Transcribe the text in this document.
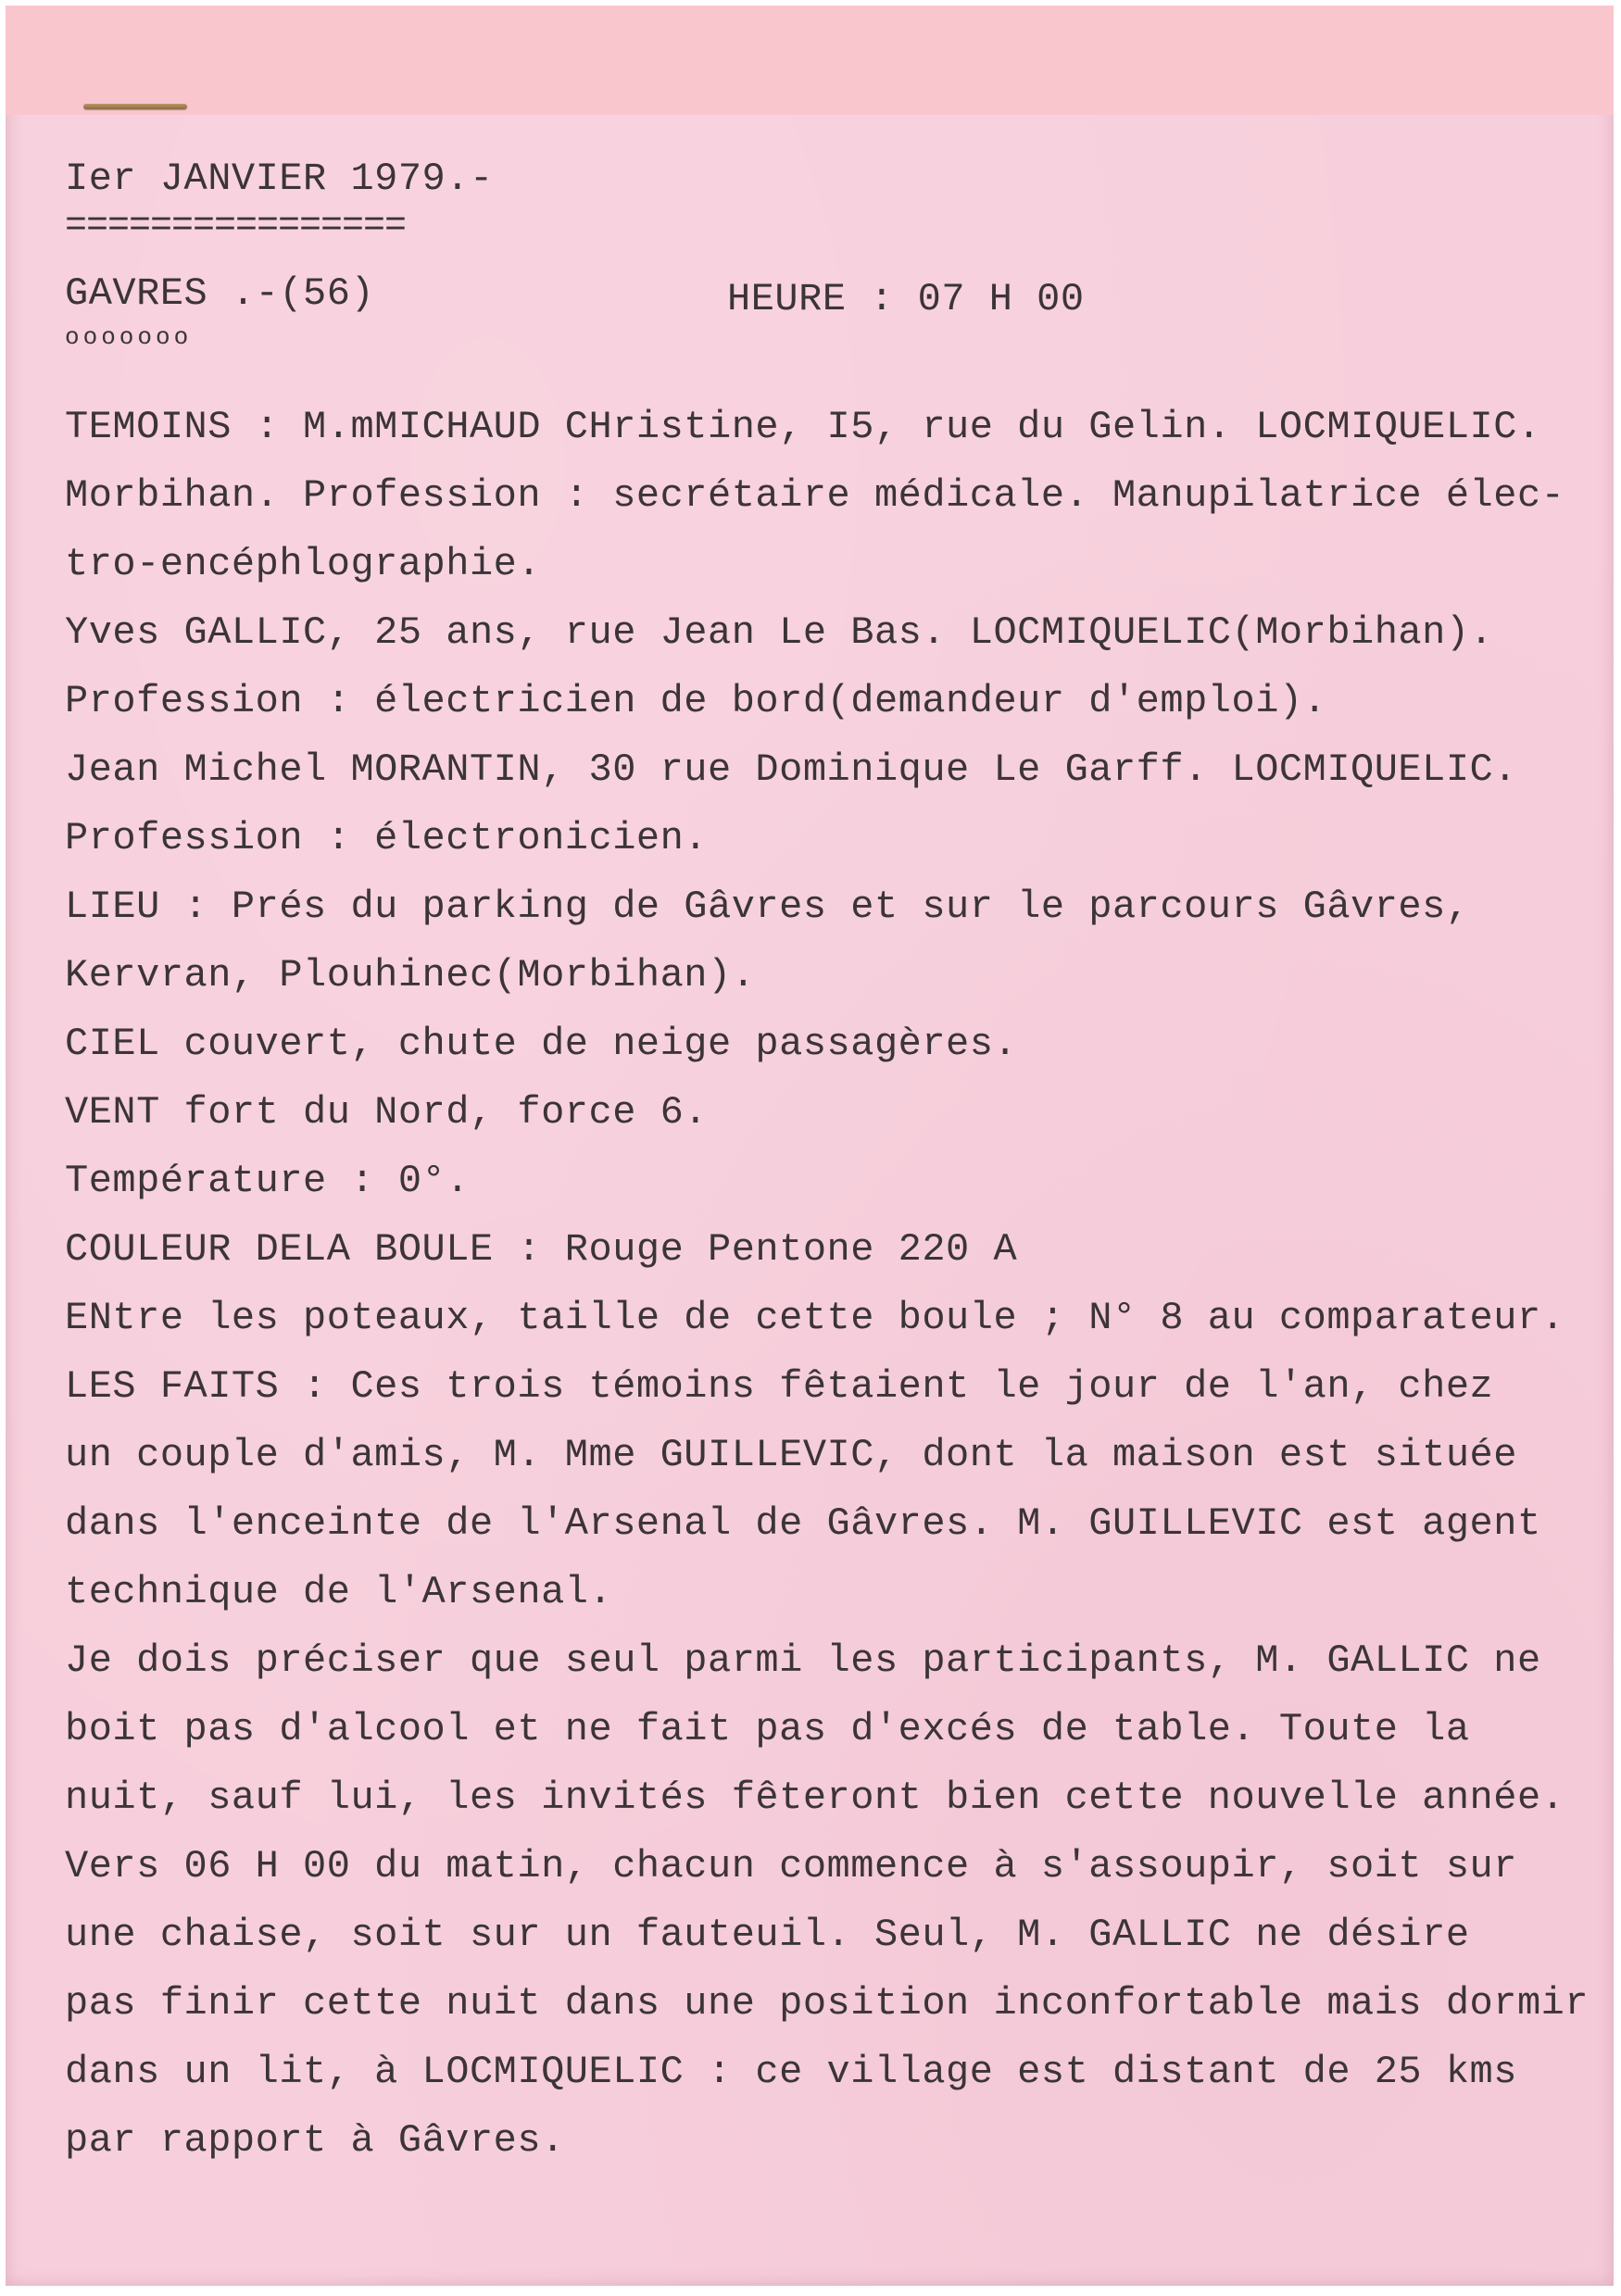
Ier JANVIER 1979.-
================
GAVRES .-(56)	HEURE : 07 H 00
ooooooo
TEMOINS : M.mMICHAUD CHristine, I5, rue du Gelin. LOCMIQUELIC.
Morbihan. Profession : secrétaire médicale. Manupilatrice élec-
tro-encéphlographie.
Yves GALLIC, 25 ans, rue Jean Le Bas. LOCMIQUELIC(Morbihan).
Profession : électricien de bord(demandeur d'emploi).
Jean Michel MORANTIN, 30 rue Dominique Le Garff. LOCMIQUELIC.
Profession : électronicien.
LIEU : Prés du parking de Gâvres et sur le parcours Gâvres,
Kervran, Plouhinec(Morbihan).
CIEL couvert, chute de neige passagères.
VENT fort du Nord, force 6.
Température : 0°.
COULEUR DELA BOULE : Rouge Pentone 220 A
ENtre les poteaux, taille de cette boule ; N° 8 au comparateur.
LES FAITS : Ces trois témoins fêtaient le jour de l'an, chez
un couple d'amis, M. Mme GUILLEVIC, dont la maison est située
dans l'enceinte de l'Arsenal de Gâvres. M. GUILLEVIC est agent
technique de l'Arsenal.
Je dois préciser que seul parmi les participants, M. GALLIC ne
boit pas d'alcool et ne fait pas d'excés de table. Toute la
nuit, sauf lui, les invités fêteront bien cette nouvelle année.
Vers 06 H 00 du matin, chacun commence à s'assoupir, soit sur
une chaise, soit sur un fauteuil. Seul, M. GALLIC ne désire
pas finir cette nuit dans une position inconfortable mais dormir
dans un lit, à LOCMIQUELIC : ce village est distant de 25 kms
par rapport à Gâvres.
